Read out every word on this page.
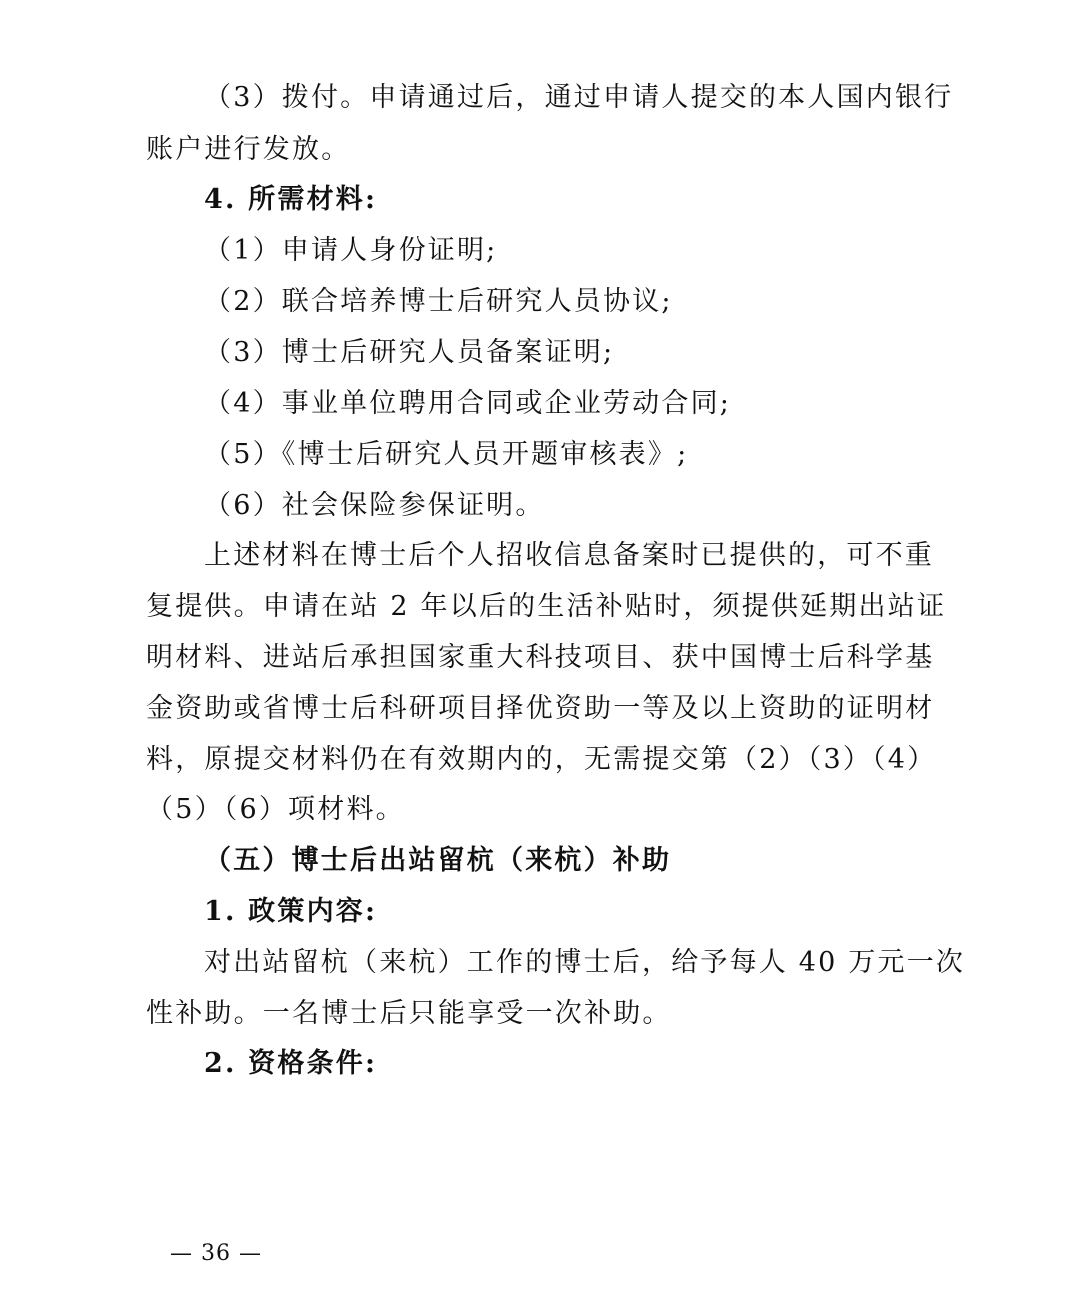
（3）拨付。申请通过后，通过申请人提交的本人国内银行
账户进行发放。
4. 所需材料:
（1）申请人身份证明;
（2）联合培养博士后研究人员协议;
（3）博士后研究人员备案证明;
（4）事业单位聘用合同或企业劳动合同;
（5）《博士后研究人员开题审核表》;
（6）社会保险参保证明。
上述材料在博士后个人招收信息备案时已提供的，可不重
复提供。申请在站 2 年以后的生活补贴时，须提供延期出站证
明材料、进站后承担国家重大科技项目、获中国博士后科学基
金资助或省博士后科研项目择优资助一等及以上资助的证明材
料，原提交材料仍在有效期内的，无需提交第（2）（3）（4）
（5）（6）项材料。
（五）博士后出站留杭（来杭）补助
1. 政策内容:
对出站留杭（来杭）工作的博士后，给予每人 40 万元一次
性补助。一名博士后只能享受一次补助。
2. 资格条件:
— 36 —
